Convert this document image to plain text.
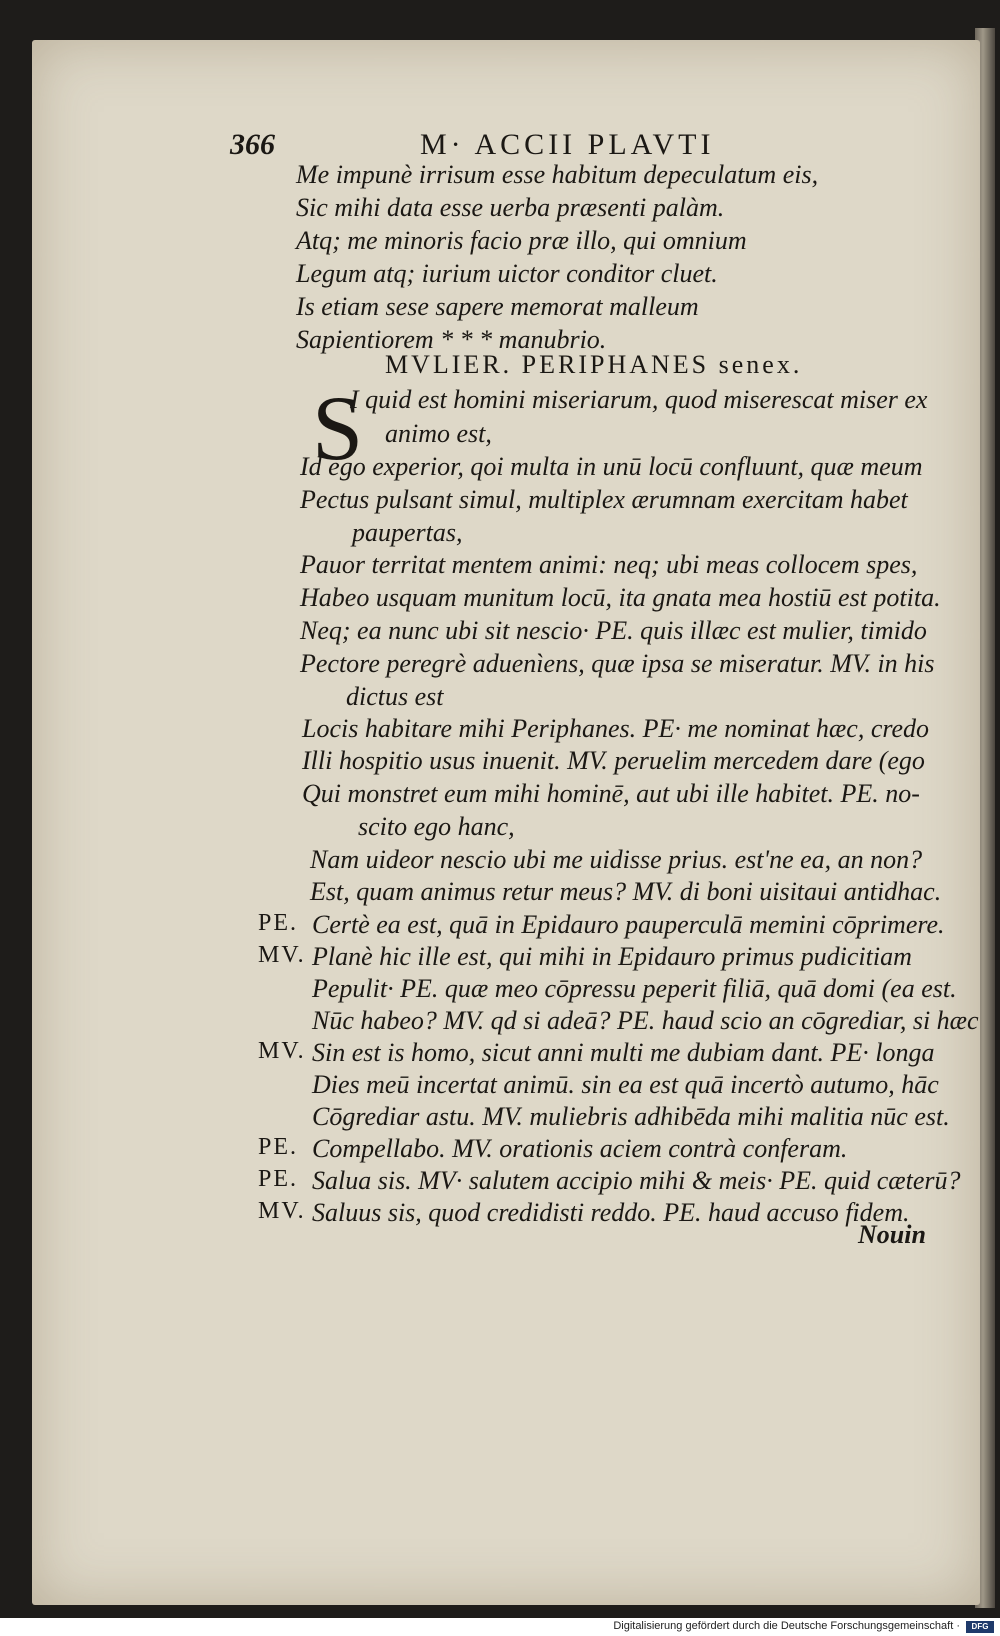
366	M· ACCII PLAVTI
Me impunè irrisum esse habitum depeculatum eis,
Sic mihi data esse uerba præsenti palàm.
Atq; me minoris facio præ illo, qui omnium
Legum atq; iurium uictor conditor cluet.
Is etiam sese sapere memorat malleum
Sapientiorem * * * manubrio.
MVLIER. PERIPHANES senex.
S
I quid est homini miseriarum, quod miserescat miser ex
animo est,
Id ego experior, qoi multa in unū locū confluunt, quæ meum
Pectus pulsant simul, multiplex ærumnam exercitam habet
paupertas,
Pauor territat mentem animi: neq; ubi meas collocem spes,
Habeo usquam munitum locū, ita gnata mea hostiū est potita.
Neq; ea nunc ubi sit nescio· PE. quis illæc est mulier, timido
Pectore peregrè aduenìens, quæ ipsa se miseratur. MV. in his
dictus est
Locis habitare mihi Periphanes. PE· me nominat hæc, credo
Illi hospitio usus inuenit. MV. peruelim mercedem dare (ego
Qui monstret eum mihi hominē, aut ubi ille habitet. PE. no-
scito ego hanc,
Nam uideor nescio ubi me uidisse prius. est'ne ea, an non?
Est, quam animus retur meus? MV. di boni uisitaui antidhac.
PE. Certè ea est, quā in Epidauro pauperculā memini cōprimere.
MV. Planè hic ille est, qui mihi in Epidauro primus pudicitiam
Pepulit· PE. quæ meo cōpressu peperit filiā, quā domi (ea est.
Nūc habeo? MV. qd si adeā? PE. haud scio an cōgrediar, si hæc
MV. Sin est is homo, sicut anni multi me dubiam dant. PE· longa
Dies meū incertat animū. sin ea est quā incertò autumo, hāc
Cōgrediar astu. MV. muliebris adhibēda mihi malitia nūc est.
PE. Compellabo. MV. orationis aciem contrà conferam.
PE. Salua sis. MV· salutem accipio mihi & meis· PE. quid cæterū?
MV. Saluus sis, quod credidisti reddo. PE. haud accuso fidem.
Nouin
Digitalisierung gefördert durch die Deutsche Forschungsgemeinschaft ·	DFG
